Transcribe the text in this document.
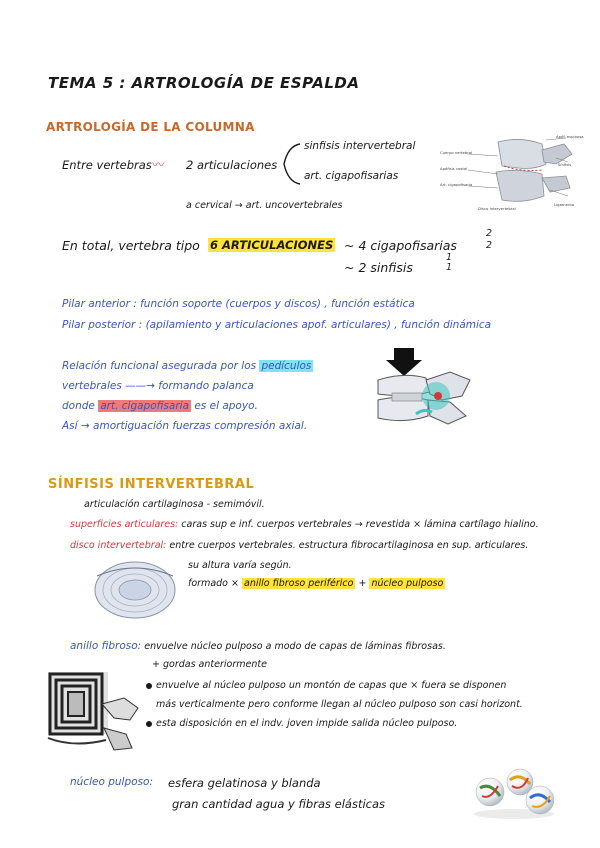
TEMA 5 : ARTROLOGÍA DE ESPALDA
ARTROLOGÍA DE LA COLUMNA
Entre vertebras 〰 2 articulaciones
sinfisis intervertebral
art. cigapofisarias
Cuerpo vertebral
Apófisis costal
Art. cigapofisaria
Disco intervertebral
Apóf. espinosa
Sínfisis
Ligamento
a cervical → art. uncovertebrales
En total, vertebra tipo 6 ARTICULACIONES ~ 4 cigapofisarias
2
2
~ 2 sinfisis
1
1
Pilar anterior : función soporte (cuerpos y discos) , función estática
Pilar posterior : (apilamiento y articulaciones apof. articulares) , función dinámica
Relación funcional asegurada por los pedículos
vertebrales ——→ formando palanca
donde art. cigapofisaria es el apoyo.
Así → amortiguación fuerzas compresión axial.
SÍNFISIS INTERVERTEBRAL
articulación cartilaginosa - semimóvil.
superficies articulares: caras sup e inf. cuerpos vertebrales → revestida × lámina cartílago hialino.
disco intervertebral: entre cuerpos vertebrales. estructura fibrocartilaginosa en sup. articulares.
su altura varía según.
formado × anillo fibroso periférico + núcleo pulposo
anillo fibroso: envuelve núcleo pulposo a modo de capas de láminas fibrosas.
+ gordas anteriormente
envuelve al núcleo pulposo un montón de capas que × fuera se disponen
más verticalmente pero conforme llegan al núcleo pulposo son casi horizont.
esta disposición en el indv. joven impide salida núcleo pulposo.
núcleo pulposo: esfera gelatinosa y blanda
gran cantidad agua y fibras elásticas
